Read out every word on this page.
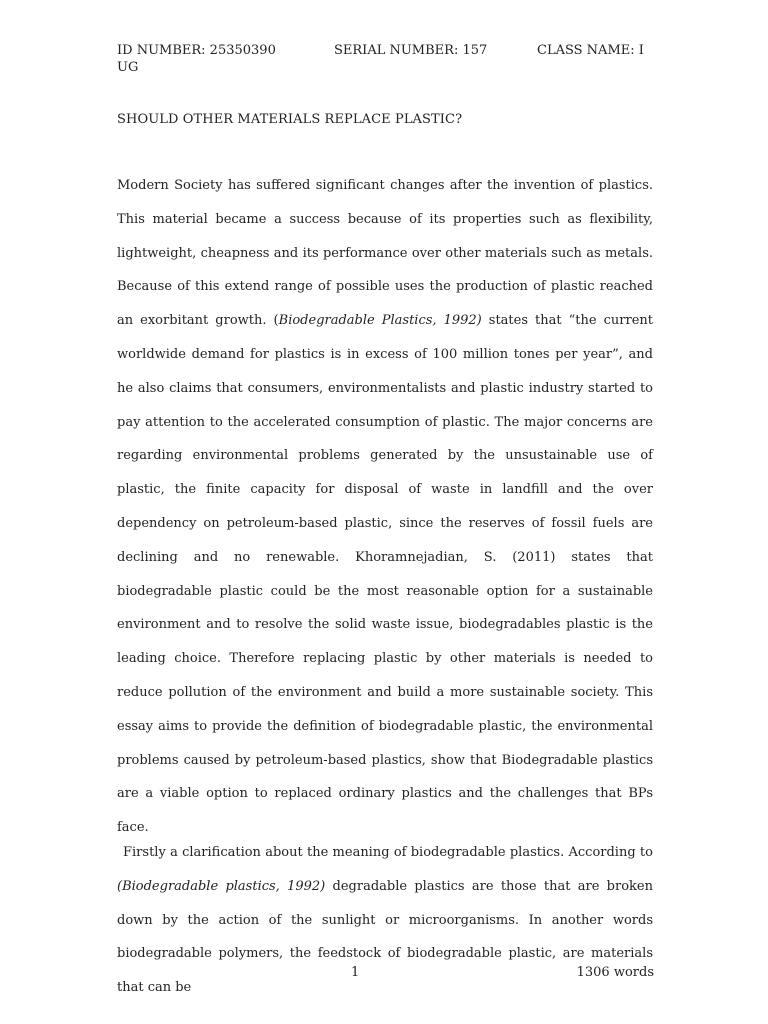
ID NUMBER: 25350390	SERIAL NUMBER: 157	CLASS NAME: I
UG
SHOULD OTHER MATERIALS REPLACE PLASTIC?

Modern Society has suffered significant changes after the invention of plastics. This material became a success because of its properties such as flexibility, lightweight, cheapness and its performance over other materials such as metals. Because of this extend range of possible uses the production of plastic reached an exorbitant growth. (Biodegradable Plastics, 1992) states that “the current worldwide demand for plastics is in excess of 100 million tones per year”, and he also claims that consumers, environmentalists and plastic industry started to pay attention to the accelerated consumption of plastic. The major concerns are regarding environmental problems generated by the unsustainable use of plastic, the finite capacity for disposal of waste in landfill and the over dependency on petroleum-based plastic, since the reserves of fossil fuels are declining and no renewable. Khoramnejadian, S. (2011) states that biodegradable plastic could be the most reasonable option for a sustainable environment and to resolve the solid waste issue, biodegradables plastic is the leading choice. Therefore replacing plastic by other materials is needed to reduce pollution of the environment and build a more sustainable society. This essay aims to provide the definition of biodegradable plastic, the environmental problems caused by petroleum-based plastics, show that Biodegradable plastics are a viable option to replaced ordinary plastics and the challenges that BPs face.

Firstly a clarification about the meaning of biodegradable plastics. According to (Biodegradable plastics, 1992) degradable plastics are those that are broken down by the action of the sunlight or microorganisms. In another words biodegradable polymers, the feedstock of biodegradable plastic, are materials that can be

1	1306 words
